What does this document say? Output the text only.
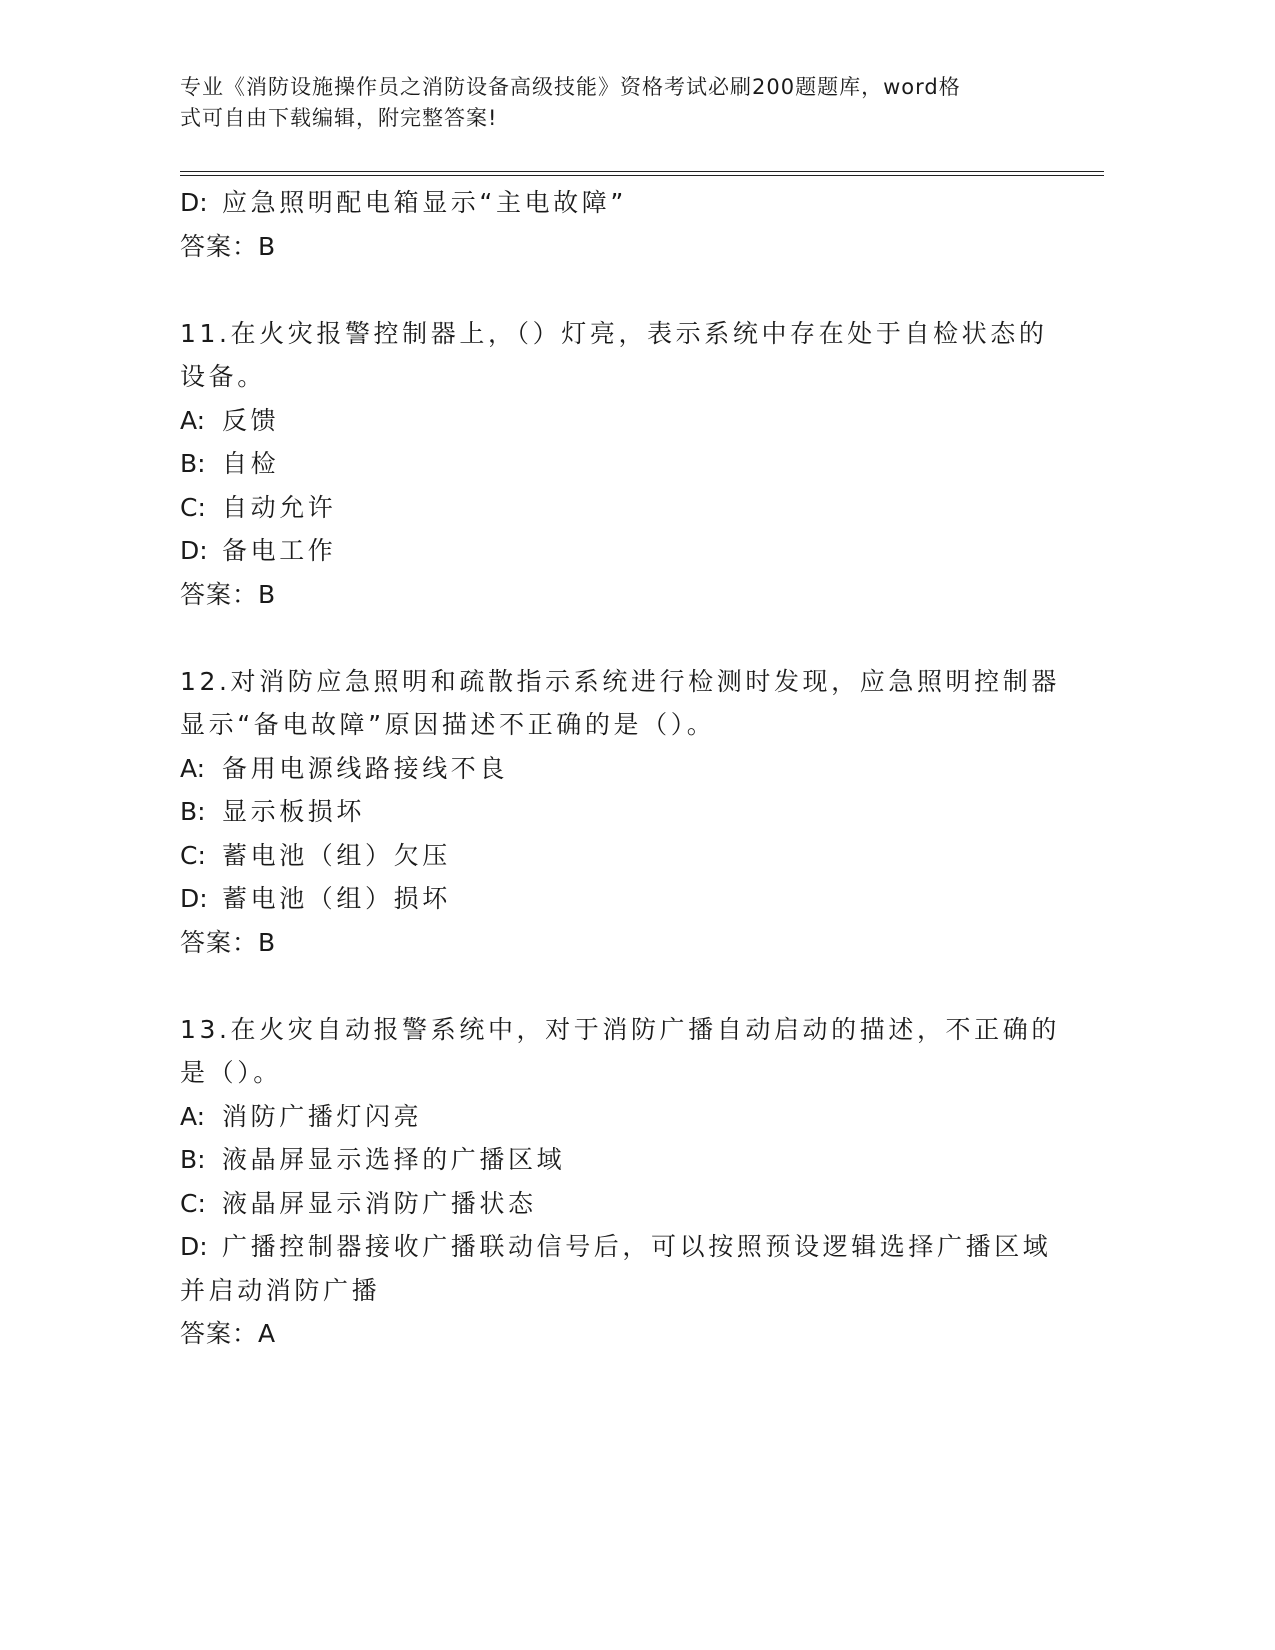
专业《消防设施操作员之消防设备高级技能》资格考试必刷200题题库，word格
式可自由下载编辑，附完整答案!
D: 应急照明配电箱显示“主电故障”
答案：B
11.在火灾报警控制器上，（）灯亮，表示系统中存在处于自检状态的
设备。
A: 反馈
B: 自检
C: 自动允许
D: 备电工作
答案：B
12.对消防应急照明和疏散指示系统进行检测时发现，应急照明控制器
显示“备电故障”原因描述不正确的是（）。
A: 备用电源线路接线不良
B: 显示板损坏
C: 蓄电池（组）欠压
D: 蓄电池（组）损坏
答案：B
13.在火灾自动报警系统中，对于消防广播自动启动的描述，不正确的
是（）。
A: 消防广播灯闪亮
B: 液晶屏显示选择的广播区域
C: 液晶屏显示消防广播状态
D: 广播控制器接收广播联动信号后，可以按照预设逻辑选择广播区域
并启动消防广播
答案：A
